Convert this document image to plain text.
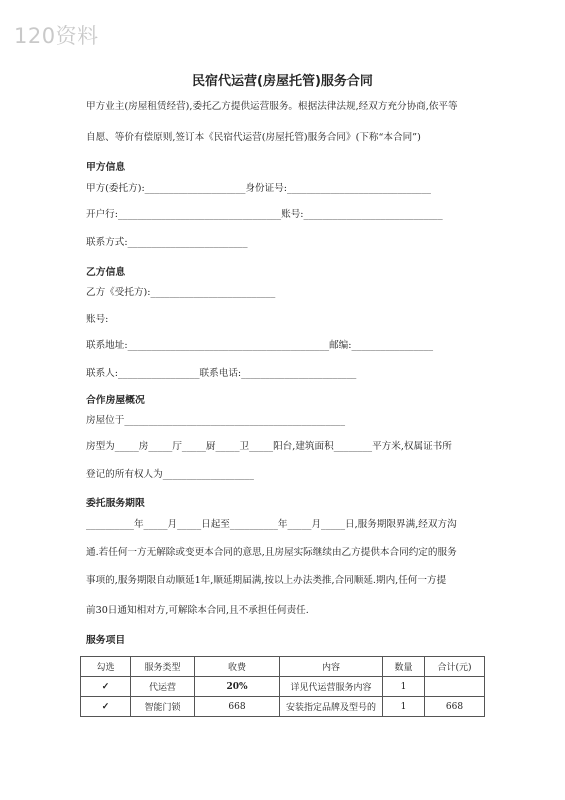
120资料
民宿代运营(房屋托管)服务合同
甲方业主(房屋租赁经营),委托乙方提供运营服务。根据法律法规,经双方充分协商,依平等
自愿、等价有偿原则,签订本《民宿代运营(房屋托管)服务合同》(下称“本合同”)
甲方信息
甲方(委托方):_____________________身份证号:______________________________
开户行:__________________________________账号:_____________________________
联系方式:_________________________
乙方信息
乙方《受托方):__________________________
账号:
联系地址:__________________________________________邮编:_________________
联系人:_________________联系电话:________________________
合作房屋概况
房屋位于______________________________________________
房型为_____房_____厅_____厨_____卫_____阳台,建筑面积________平方米,权属证书所
登记的所有权人为___________________
委托服务期限
__________年_____月_____日起至__________年_____月_____日,服务期限界满,经双方沟
通.若任何一方无解除或变更本合同的意思,且房屋实际继续由乙方提供本合同约定的服务
事项的,服务期限自动顺延1年,顺延期届满,按以上办法类推,合同顺延.期内,任何一方提
前30日通知相对方,可解除本合同,且不承担任何责任.
服务项目
勾选	服务类型	收费	内容	数量	合计(元)
✓	代运营	20%	详见代运营服务内容	1	
✓	智能门锁	668	安装指定品牌及型号的	1	668
